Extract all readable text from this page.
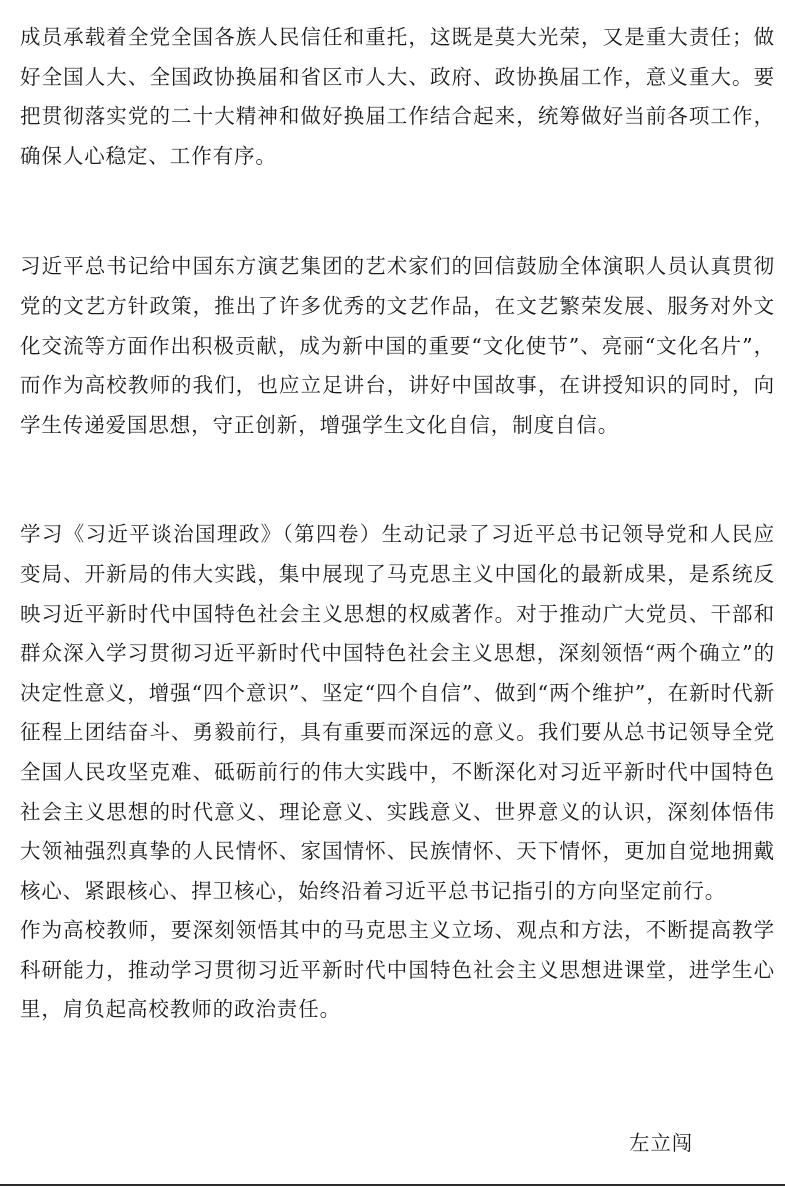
成员承载着全党全国各族人民信任和重托，这既是莫大光荣，又是重大责任；做好全国人大、全国政协换届和省区市人大、政府、政协换届工作，意义重大。要把贯彻落实党的二十大精神和做好换届工作结合起来，统筹做好当前各项工作，确保人心稳定、工作有序。

习近平总书记给中国东方演艺集团的艺术家们的回信鼓励全体演职人员认真贯彻党的文艺方针政策，推出了许多优秀的文艺作品，在文艺繁荣发展、服务对外文化交流等方面作出积极贡献，成为新中国的重要“文化使节”、亮丽“文化名片”，而作为高校教师的我们，也应立足讲台，讲好中国故事，在讲授知识的同时，向学生传递爱国思想，守正创新，增强学生文化自信，制度自信。

学习《习近平谈治国理政》（第四卷）生动记录了习近平总书记领导党和人民应变局、开新局的伟大实践，集中展现了马克思主义中国化的最新成果，是系统反映习近平新时代中国特色社会主义思想的权威著作。对于推动广大党员、干部和群众深入学习贯彻习近平新时代中国特色社会主义思想，深刻领悟“两个确立”的决定性意义，增强“四个意识”、坚定“四个自信”、做到“两个维护”，在新时代新征程上团结奋斗、勇毅前行，具有重要而深远的意义。我们要从总书记领导全党全国人民攻坚克难、砥砺前行的伟大实践中，不断深化对习近平新时代中国特色社会主义思想的时代意义、理论意义、实践意义、世界意义的认识，深刻体悟伟大领袖强烈真挚的人民情怀、家国情怀、民族情怀、天下情怀，更加自觉地拥戴核心、紧跟核心、捍卫核心，始终沿着习近平总书记指引的方向坚定前行。

作为高校教师，要深刻领悟其中的马克思主义立场、观点和方法，不断提高教学科研能力，推动学习贯彻习近平新时代中国特色社会主义思想进课堂，进学生心里，肩负起高校教师的政治责任。

左立闯
